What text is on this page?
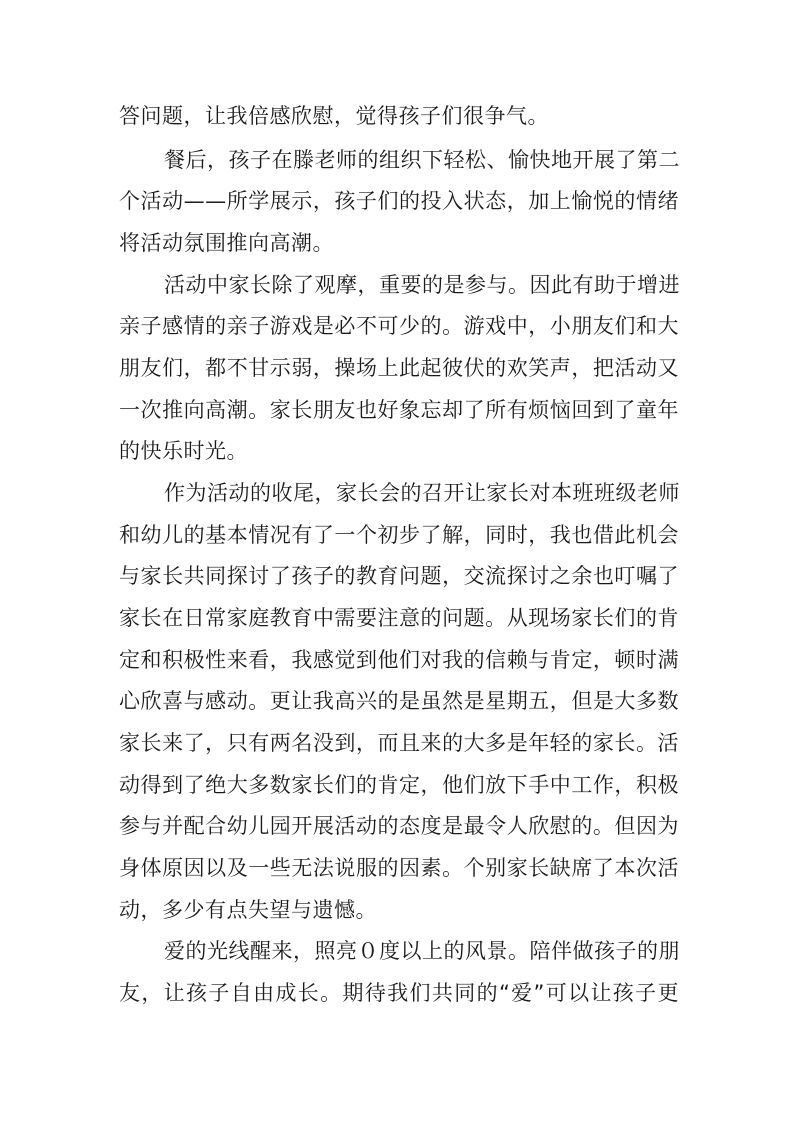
答问题，让我倍感欣慰，觉得孩子们很争气。
餐后，孩子在滕老师的组织下轻松、愉快地开展了第二
个活动——所学展示，孩子们的投入状态，加上愉悦的情绪
将活动氛围推向高潮。
活动中家长除了观摩，重要的是参与。因此有助于增进
亲子感情的亲子游戏是必不可少的。游戏中，小朋友们和大
朋友们，都不甘示弱，操场上此起彼伏的欢笑声，把活动又
一次推向高潮。家长朋友也好象忘却了所有烦恼回到了童年
的快乐时光。
作为活动的收尾，家长会的召开让家长对本班班级老师
和幼儿的基本情况有了一个初步了解，同时，我也借此机会
与家长共同探讨了孩子的教育问题，交流探讨之余也叮嘱了
家长在日常家庭教育中需要注意的问题。从现场家长们的肯
定和积极性来看，我感觉到他们对我的信赖与肯定，顿时满
心欣喜与感动。更让我高兴的是虽然是星期五，但是大多数
家长来了，只有两名没到，而且来的大多是年轻的家长。活
动得到了绝大多数家长们的肯定，他们放下手中工作，积极
参与并配合幼儿园开展活动的态度是最令人欣慰的。但因为
身体原因以及一些无法说服的因素。个别家长缺席了本次活
动，多少有点失望与遗憾。
爱的光线醒来，照亮０度以上的风景。陪伴做孩子的朋
友，让孩子自由成长。期待我们共同的“爱”可以让孩子更
